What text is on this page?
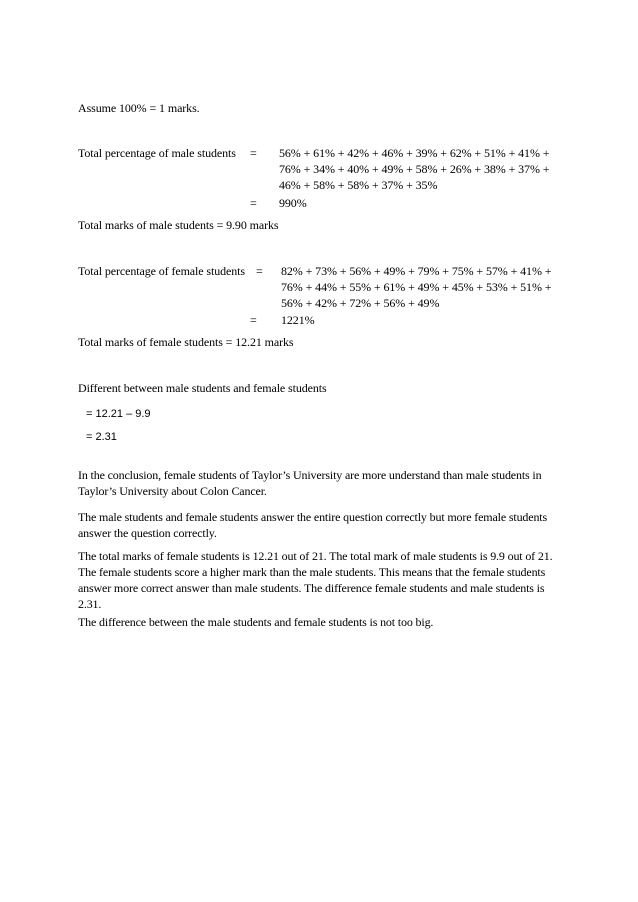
Assume 100% = 1 marks.
Total percentage of male students = 56% + 61% + 42% + 46% + 39% + 62% + 51% + 41% +
76% + 34% + 40% + 49% + 58% + 26% + 38% + 37% +
46% + 58% + 58% + 37% + 35%
= 990%
Total marks of male students = 9.90 marks
Total percentage of female students = 82% + 73% + 56% + 49% + 79% + 75% + 57% + 41% +
76% + 44% + 55% + 61% + 49% + 45% + 53% + 51% +
56% + 42% + 72% + 56% + 49%
= 1221%
Total marks of female students = 12.21 marks
Different between male students and female students
= 12.21 – 9.9
= 2.31
In the conclusion, female students of Taylor’s University are more understand than male students in Taylor’s University about Colon Cancer.
The male students and female students answer the entire question correctly but more female students answer the question correctly.
The total marks of female students is 12.21 out of 21. The total mark of male students is 9.9 out of 21. The female students score a higher mark than the male students. This means that the female students answer more correct answer than male students. The difference female students and male students is 2.31.
The difference between the male students and female students is not too big.
